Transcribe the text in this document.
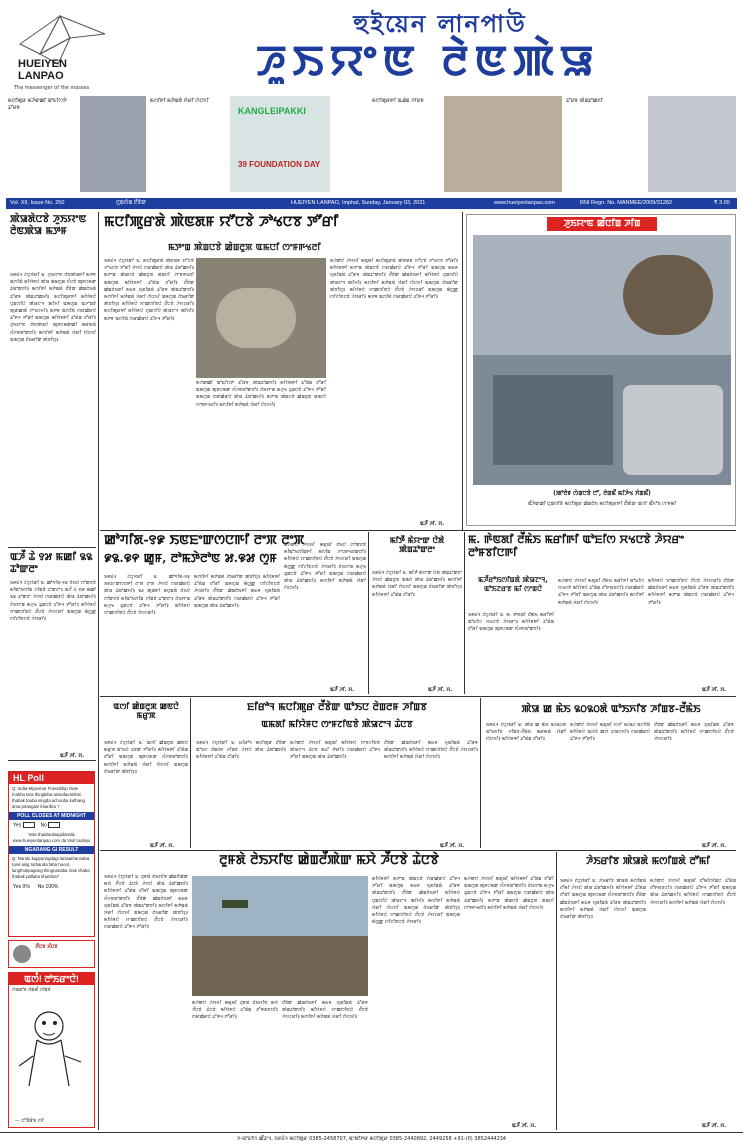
HUEIYEN LANPAO
The messenger of the masses
হুইয়েন লানপাউ
ꯍꯨꯏꯌꯦꯟ ꯂꯥꯟꯄꯥꯎ
ꯃꯅꯤꯄꯨꯔ ꯃꯍꯥꯛꯀꯤ ꯑꯣꯐꯤꯁꯇꯥ ꯊꯧꯔꯝ
ꯃꯁꯤꯒꯤ ꯃꯇꯥꯡꯗꯥ ꯋꯥꯔꯤ ꯁꯥꯅꯈꯤ
KANGLEIPAKKI
39 FOUNDATION DAY
ꯃꯅꯤꯄꯨꯔꯒꯤ ꯑꯉꯥꯡ ꯍꯤꯔꯝ	ꯊꯧꯔꯝ ꯄꯥꯡꯊꯣꯀꯈꯤ
Vol. XII, Issue No. 250	ꯅꯨꯡꯁꯥꯡ ꯂꯩꯕꯥꯛ	HUEIYEN LANPAO, Imphal, Sunday, January 03, 2021	www.hueiyenlanpao.com	RNI Regn. No. MANMEE/2009/31282	₹ 3.00
ꯄꯥꯎꯗꯥꯅꯕꯥ ꯍꯨꯏꯌꯦꯟ ꯂꯥꯟꯄꯥꯎ ꯃꯇꯝ
ꯏꯝꯐꯥꯜ ꯖꯥꯅꯨꯋꯥꯔꯤ ꯲: ꯍꯨꯏꯌꯦꯟ ꯂꯥꯟꯄꯥꯎꯒꯤ ꯃꯇꯝ ꯑꯁꯤꯗꯥ ꯃꯤꯌꯥꯝꯅꯥ ꯄꯥꯎ ꯑꯃꯁꯨꯡ ꯈꯪꯅꯕꯥ ꯄꯨꯝꯅꯃꯛ ꯊꯥꯗꯣꯛꯂꯤ꯫ ꯃꯁꯤꯒꯤ ꯃꯇꯥꯡꯗꯥ ꯂꯩꯕꯥꯛ ꯀꯥꯡꯂꯥꯏꯗꯥ ꯊꯧꯔꯝ ꯄꯥꯡꯊꯣꯀꯈꯤ꯫ ꯃꯅꯤꯄꯨꯔꯒꯤ ꯃꯤꯌꯥꯝꯅꯥ ꯅꯨꯡꯁꯤꯅꯥ ꯄꯥꯎꯖꯦꯜ ꯄꯤꯈꯤ ꯑꯃꯁꯨꯡ ꯑꯍꯣꯡꯕꯥ ꯄꯨꯔꯀꯄꯥ ꯍꯣꯠꯅꯈꯤ꯫ ꯃꯇꯝ ꯑꯁꯤꯗꯥ ꯁꯔꯀꯥꯔꯅꯥ ꯊꯧꯒꯜ ꯇꯧꯔꯤ ꯑꯃꯁꯨꯡ ꯃꯤꯌꯥꯝꯒꯤ ꯊꯧꯗꯥꯡ ꯂꯧꯔꯤ꯫ ꯍꯨꯏꯌꯦꯟ ꯂꯥꯟꯄꯥꯎꯅꯥ ꯄꯨꯝꯅꯃꯛꯀꯤ ꯃꯔꯃꯗꯥ ꯈꯪꯍꯟꯗꯣꯛꯂꯤ꯫ ꯃꯁꯤꯒꯤ ꯃꯇꯥꯡꯗꯥ ꯋꯥꯔꯤ ꯁꯥꯅꯈꯤ ꯑꯃꯁꯨꯡ ꯂꯥꯏꯔꯤꯛ ꯄꯥꯕꯤꯌꯨ꯫
ꯑꯍꯩ ꯊꯥ ꯱꯷ ꯃꯀꯤ ꯲꯲ ꯊꯣꯛꯂꯦ
ꯏꯝꯐꯥꯜ ꯖꯥꯅꯨꯋꯥꯔꯤ ꯲: ꯀꯣꯚꯤꯗ-꯱꯹ ꯂꯥꯏꯅꯥ ꯁꯣꯛꯂꯕꯥ ꯃꯤꯑꯣꯏꯁꯤꯡ ꯍꯤꯡꯕꯥ ꯊꯣꯛꯂꯦ꯫ ꯑꯍꯩ ꯊꯥ ꯱꯷ ꯃꯀꯤ ꯲꯲ ꯊꯣꯛꯂꯦ ꯍꯥꯌꯅꯥ ꯁꯔꯀꯥꯔꯅꯥ ꯄꯥꯎ ꯊꯥꯗꯣꯀꯈꯤ꯫ ꯂꯥꯏꯌꯦꯡ ꯃꯍꯨꯠ ꯊꯨꯡꯅꯕꯥ ꯊꯧꯒꯜ ꯇꯧꯔꯤ꯫ ꯃꯤꯌꯥꯝꯅꯥ ꯆꯦꯀꯁꯤꯟꯅꯥ ꯂꯩꯅꯕꯥ ꯍꯥꯌꯖꯔꯤ ꯑꯃꯁꯨꯡ ꯃꯥꯁ꯭ꯛ ꯁꯤꯖꯤꯟꯅꯕꯥ ꯍꯥꯌꯔꯤ꯫
ꯑꯍꯩ ꯍꯤ. ꯆ.
HL Poll
Q: India-Myanmar Friendship Gate makha tara thingbiba asinafaorekhni thabak touba singda achouba kuthang ama pirangani kharibra ?
POLL CLOSES AT MIDNIGHT
Yes	No
Vote thadanabagidamak www.hueiyenlanpao.com da Visit toubiyu
NGARANG GI RESULT
Q: Nandu kuppunngdagi lanlauthannaba turel asig torbanda faba hoool, langthokpagang thingnanaba mak chaba thabak palluba khanbra?
Yes 0% No 100%
ꯍꯩꯅꯕ ꯈꯪꯅꯕ
ꯑꯁꯪ! ꯂꯣꯏꯔꯦꯅꯥ!
ꯁꯥꯡꯗꯣꯝ ꯂꯥꯡꯃꯩ ꯍꯤꯡꯕꯥ
— ꯅꯧꯕꯥꯔꯥꯝ ꯁꯤ
ꯃꯅꯤꯄꯨꯔꯗꯥ ꯄꯥꯟꯗꯝ ꯌꯧꯅꯕꯥ ꯍꯣꯠꯅꯕ ꯇꯧꯔꯤ
ꯃꯇꯦꯡ ꯄꯥꯡꯅꯕꯥ ꯀꯥꯡꯂꯨꯞ ꯑꯃꯅꯤ ꯁꯦꯝꯒꯠꯂꯤ
ꯏꯝꯐꯥꯜ ꯖꯥꯅꯨꯋꯥꯔꯤ ꯲: ꯃꯅꯤꯄꯨꯔꯗꯥ ꯄꯥꯟꯗꯝ ꯌꯧꯅꯕꯥ ꯍꯣꯠꯅꯕ ꯇꯧꯔꯤ ꯍꯥꯌꯅꯥ ꯁꯔꯀꯥꯔꯅꯥ ꯄꯥꯎ ꯊꯥꯗꯣꯀꯈꯤ꯫ ꯃꯇꯦꯡ ꯄꯥꯡꯅꯕꯥ ꯀꯥꯡꯂꯨꯞ ꯑꯃꯅꯤ ꯁꯦꯝꯒꯠꯂꯤ ꯑꯃꯁꯨꯡ ꯃꯤꯌꯥꯝꯒꯤ ꯊꯧꯗꯥꯡ ꯂꯧꯔꯤ꯫ ꯂꯩꯕꯥꯛ ꯀꯥꯡꯂꯥꯏꯒꯤ ꯃꯐꯝ ꯈꯨꯗꯤꯡꯗꯥ ꯊꯧꯔꯝ ꯄꯥꯡꯊꯣꯛꯂꯤ꯫ ꯃꯁꯤꯒꯤ ꯃꯇꯥꯡꯗꯥ ꯋꯥꯔꯤ ꯁꯥꯅꯈꯤ ꯑꯃꯁꯨꯡ ꯂꯥꯏꯔꯤꯛ ꯄꯥꯕꯤꯌꯨ꯫ ꯃꯤꯌꯥꯝꯅꯥ ꯆꯦꯀꯁꯤꯟꯅꯥ ꯂꯩꯅꯕꯥ ꯍꯥꯌꯖꯔꯤ꯫ ꯃꯅꯤꯄꯨꯔꯒꯤ ꯃꯤꯌꯥꯝꯅꯥ ꯅꯨꯡꯁꯤꯅꯥ ꯄꯥꯎꯖꯦꯜ ꯄꯤꯈꯤ꯫ ꯃꯇꯝ ꯑꯁꯤꯗꯥ ꯁꯔꯀꯥꯔꯅꯥ ꯊꯧꯒꯜ ꯇꯧꯔꯤ꯫
ꯃꯍꯥꯛꯀꯤ ꯑꯣꯐꯤꯁꯇꯥ ꯊꯧꯔꯝ ꯄꯥꯡꯊꯣꯀꯈꯤ꯫ ꯃꯤꯌꯥꯝꯒꯤ ꯊꯧꯗꯥꯡ ꯂꯧꯔꯤ ꯑꯃꯁꯨꯡ ꯄꯨꯝꯅꯃꯛ ꯈꯪꯍꯟꯗꯣꯛꯂꯤ꯫ ꯂꯥꯏꯌꯦꯡ ꯃꯍꯨꯠ ꯊꯨꯡꯅꯕꯥ ꯊꯧꯒꯜ ꯇꯧꯔꯤ ꯑꯃꯁꯨꯡ ꯁꯔꯀꯥꯔꯅꯥ ꯄꯥꯎ ꯊꯥꯗꯣꯀꯈꯤ꯫ ꯃꯇꯦꯡ ꯄꯥꯡꯅꯕꯥ ꯀꯥꯡꯂꯨꯞ ꯑꯃꯅꯤ ꯁꯦꯝꯒꯠꯂꯤ꯫ ꯃꯁꯤꯒꯤ ꯃꯇꯥꯡꯗꯥ ꯋꯥꯔꯤ ꯁꯥꯅꯈꯤ꯫
ꯃꯍꯥꯛꯅꯥ ꯍꯥꯌꯈꯤ ꯃꯗꯨꯗꯤ ꯃꯅꯤꯄꯨꯔꯗꯥ ꯄꯥꯟꯗꯝ ꯌꯧꯅꯕꯥ ꯍꯣꯠꯅꯕ ꯇꯧꯔꯤ꯫ ꯃꯤꯌꯥꯝꯒꯤ ꯃꯇꯦꯡ ꯄꯥꯡꯅꯕꯥ ꯁꯔꯀꯥꯔꯅꯥ ꯊꯧꯒꯜ ꯇꯧꯔꯤ ꯑꯃꯁꯨꯡ ꯃꯐꯝ ꯈꯨꯗꯤꯡꯗꯥ ꯊꯧꯔꯝ ꯄꯥꯡꯊꯣꯛꯂꯤ꯫ ꯂꯩꯕꯥꯛ ꯀꯥꯡꯂꯥꯏꯒꯤ ꯃꯤꯌꯥꯝꯅꯥ ꯅꯨꯡꯁꯤꯅꯥ ꯄꯥꯎꯖꯦꯜ ꯄꯤꯈꯤ꯫ ꯃꯁꯤꯒꯤ ꯃꯇꯥꯡꯗꯥ ꯋꯥꯔꯤ ꯁꯥꯅꯈꯤ ꯑꯃꯁꯨꯡ ꯂꯥꯏꯔꯤꯛ ꯄꯥꯕꯤꯌꯨ꯫ ꯃꯤꯌꯥꯝꯅꯥ ꯆꯦꯀꯁꯤꯟꯅꯥ ꯂꯩꯅꯕꯥ ꯍꯥꯌꯖꯔꯤ ꯑꯃꯁꯨꯡ ꯃꯥꯁ꯭ꯛ ꯁꯤꯖꯤꯟꯅꯕꯥ ꯍꯥꯌꯔꯤ꯫ ꯃꯇꯝ ꯑꯁꯤꯗꯥ ꯁꯔꯀꯥꯔꯅꯥ ꯊꯧꯒꯜ ꯇꯧꯔꯤ꯫
ꯑꯍꯩ ꯍꯤ. ꯆ.
ꯍꯨꯏꯌꯦꯟ ꯀꯩꯅꯤꯡ ꯍꯤꯡ
(ꯄꯣꯂꯥꯝ ꯁꯥꯡꯅꯕꯥ ꯅꯧ, ꯂꯥꯡꯃꯩ ꯃꯤꯍꯥꯠ ꯈꯥꯡꯃꯩ)
ꯑꯩꯍꯥꯛꯀꯤ ꯅꯨꯡꯁꯤꯕꯥ ꯃꯅꯤꯄꯨꯔ ꯀꯥꯡꯂꯥꯏ ꯃꯅꯤꯄꯨꯔꯒꯤ ꯂꯩꯄꯥꯛ ꯑꯁꯤ ꯑꯩꯈꯣꯏ ꯁꯦꯝꯃꯤ
ꯀꯣꯚꯤꯗ-꯱꯹ ꯏꯟꯐꯦꯛꯁꯅꯒꯤ ꯂꯦꯞ ꯂꯦꯞ
꯹꯲.꯶꯵ ꯀꯨꯝ, ꯂꯣꯃꯇꯥꯂꯣꯟ ꯷.꯶꯷ ꯁꯨꯝ
ꯏꯝꯐꯥꯜ ꯖꯥꯅꯨꯋꯥꯔꯤ ꯲: ꯀꯣꯚꯤꯗ-꯱꯹ ꯏꯟꯐꯦꯛꯁꯅꯒꯤ ꯂꯦꯞ ꯂꯦꯞ ꯍꯥꯌꯅꯥ ꯁꯔꯀꯥꯔꯅꯥ ꯄꯥꯎ ꯊꯥꯗꯣꯀꯈꯤ꯫ ꯲꯴ ꯄꯨꯡꯒꯤ ꯃꯅꯨꯡꯗꯥ ꯂꯥꯏꯅꯥ ꯁꯣꯛꯂꯕꯥ ꯃꯤꯑꯣꯏꯁꯤꯡ ꯍꯤꯡꯕꯥ ꯊꯣꯛꯂꯦ꯫ ꯂꯥꯏꯌꯦꯡ ꯃꯍꯨꯠ ꯊꯨꯡꯅꯕꯥ ꯊꯧꯒꯜ ꯇꯧꯔꯤ꯫ ꯃꯤꯌꯥꯝꯅꯥ ꯆꯦꯀꯁꯤꯟꯅꯥ ꯂꯩꯅꯕꯥ ꯍꯥꯌꯖꯔꯤ꯫
ꯃꯁꯤꯒꯤ ꯃꯇꯥꯡꯗꯥ ꯂꯥꯏꯔꯤꯛ ꯄꯥꯕꯤꯌꯨ꯫ ꯃꯤꯌꯥꯝꯒꯤ ꯊꯧꯗꯥꯡ ꯂꯧꯔꯤ ꯑꯃꯁꯨꯡ ꯃꯥꯁ꯭ꯛ ꯁꯤꯖꯤꯟꯅꯕꯥ ꯍꯥꯌꯔꯤ꯫ ꯂꯩꯕꯥꯛ ꯀꯥꯡꯂꯥꯏꯒꯤ ꯃꯐꯝ ꯈꯨꯗꯤꯡꯗꯥ ꯊꯧꯔꯝ ꯄꯥꯡꯊꯣꯛꯂꯤ꯫ ꯁꯔꯀꯥꯔꯅꯥ ꯊꯧꯒꯜ ꯇꯧꯔꯤ ꯑꯃꯁꯨꯡ ꯄꯥꯎ ꯊꯥꯗꯣꯀꯈꯤ꯫
ꯃꯍꯥꯛꯅꯥ ꯍꯥꯌꯈꯤ ꯃꯗꯨꯗꯤ ꯂꯥꯏꯅꯥ ꯁꯣꯛꯂꯕꯥ ꯃꯤꯑꯣꯏꯁꯤꯡꯒꯤ ꯃꯁꯤꯡ ꯍꯦꯅꯒꯠꯂꯛꯂꯤ꯫ ꯃꯤꯌꯥꯝꯅꯥ ꯆꯦꯀꯁꯤꯟꯅꯥ ꯂꯩꯅꯕꯥ ꯍꯥꯌꯖꯔꯤ ꯑꯃꯁꯨꯡ ꯃꯥꯁ꯭ꯛ ꯁꯤꯖꯤꯟꯅꯕꯥ ꯍꯥꯌꯔꯤ꯫ ꯂꯥꯏꯌꯦꯡ ꯃꯍꯨꯠ ꯊꯨꯡꯅꯕꯥ ꯊꯧꯒꯜ ꯇꯧꯔꯤ ꯑꯃꯁꯨꯡ ꯁꯔꯀꯥꯔꯅꯥ ꯄꯥꯎ ꯊꯥꯗꯣꯀꯈꯤ꯫ ꯃꯁꯤꯒꯤ ꯃꯇꯥꯡꯗꯥ ꯋꯥꯔꯤ ꯁꯥꯅꯈꯤ꯫
ꯑꯍꯩ ꯍꯤ. ꯆ.
ꯃꯤꯇꯩ ꯃꯥꯌꯦꯛ ꯅꯥꯗꯥ ꯄꯥꯡꯊꯣꯛꯂꯦ
ꯏꯝꯐꯥꯜ ꯖꯥꯅꯨꯋꯥꯔꯤ ꯲: ꯃꯤꯇꯩ ꯃꯥꯌꯦꯛ ꯅꯥꯗꯥ ꯄꯥꯡꯊꯣꯛꯂꯦ ꯍꯥꯌꯅꯥ ꯀꯥꯡꯂꯨꯞ ꯑꯃꯅꯥ ꯄꯥꯎ ꯊꯥꯗꯣꯀꯈꯤ꯫ ꯃꯁꯤꯒꯤ ꯃꯇꯥꯡꯗꯥ ꯋꯥꯔꯤ ꯁꯥꯅꯈꯤ ꯑꯃꯁꯨꯡ ꯂꯥꯏꯔꯤꯛ ꯄꯥꯕꯤꯌꯨ꯫ ꯃꯤꯌꯥꯝꯒꯤ ꯊꯧꯗꯥꯡ ꯂꯧꯔꯤ꯫
ꯑꯍꯩ ꯍꯤ. ꯆ.
ꯃ. ꯒꯥꯟꯗꯤ ꯂꯩꯃꯥꯏ ꯃꯔꯤꯒꯤ ꯑꯣꯐꯤꯁ ꯆꯠꯅꯕꯥ ꯍꯥꯌꯔꯦ ꯂꯣꯝꯕꯤꯅꯒꯤ
ꯃꯍꯩꯔꯣꯏꯁꯤꯡꯗꯥ ꯄꯥꯎꯖꯦꯜ, ꯑꯣꯏꯖꯔꯕ ꯃꯤ ꯁꯦꯡꯅꯥ
ꯏꯝꯐꯥꯜ ꯖꯥꯅꯨꯋꯥꯔꯤ ꯲: ꯃ. ꯒꯥꯟꯗꯤ ꯂꯩꯃꯥꯏ ꯃꯔꯤꯒꯤ ꯑꯣꯐꯤꯁ ꯆꯠꯅꯕꯥ ꯍꯥꯌꯔꯦ꯫ ꯃꯤꯌꯥꯝꯒꯤ ꯊꯧꯗꯥꯡ ꯂꯧꯔꯤ ꯑꯃꯁꯨꯡ ꯄꯨꯝꯅꯃꯛ ꯈꯪꯍꯟꯗꯣꯛꯂꯤ꯫
ꯃꯍꯥꯛꯅꯥ ꯍꯥꯌꯈꯤ ꯃꯗꯨꯗꯤ ꯂꯩꯃꯥꯏ ꯃꯔꯤꯒꯤ ꯑꯣꯐꯤꯁ ꯆꯠꯅꯕꯥ ꯃꯤꯌꯥꯝꯅꯥ ꯊꯧꯗꯥꯡ ꯂꯧꯒꯗꯕꯅꯤ꯫ ꯁꯔꯀꯥꯔꯅꯥ ꯊꯧꯒꯜ ꯇꯧꯔꯤ ꯑꯃꯁꯨꯡ ꯄꯥꯎ ꯊꯥꯗꯣꯀꯈꯤ꯫ ꯃꯁꯤꯒꯤ ꯃꯇꯥꯡꯗꯥ ꯋꯥꯔꯤ ꯁꯥꯅꯈꯤ꯫
ꯃꯤꯌꯥꯝꯅꯥ ꯆꯦꯀꯁꯤꯟꯅꯥ ꯂꯩꯅꯕꯥ ꯍꯥꯌꯖꯔꯤ꯫ ꯂꯩꯕꯥꯛ ꯀꯥꯡꯂꯥꯏꯒꯤ ꯃꯐꯝ ꯈꯨꯗꯤꯡꯗꯥ ꯊꯧꯔꯝ ꯄꯥꯡꯊꯣꯛꯂꯤ꯫ ꯃꯤꯌꯥꯝꯒꯤ ꯃꯇꯦꯡ ꯄꯥꯡꯅꯕꯥ ꯁꯔꯀꯥꯔꯅꯥ ꯊꯧꯒꯜ ꯇꯧꯔꯤ꯫
ꯑꯍꯩ ꯍꯤ. ꯆ.
ꯑꯁꯤ ꯀꯥꯡꯂꯨꯞ ꯀꯟꯅꯥ ꯃꯔꯨꯞ
ꯏꯝꯐꯥꯜ ꯖꯥꯅꯨꯋꯥꯔꯤ ꯲: ꯑꯁꯤ ꯀꯥꯡꯂꯨꯞ ꯀꯟꯅꯥ ꯃꯔꯨꯞ ꯑꯣꯏꯅꯥ ꯊꯕꯛ ꯇꯧꯔꯤ꯫ ꯃꯤꯌꯥꯝꯒꯤ ꯊꯧꯗꯥꯡ ꯂꯧꯔꯤ ꯑꯃꯁꯨꯡ ꯄꯨꯝꯅꯃꯛ ꯈꯪꯍꯟꯗꯣꯛꯂꯤ꯫ ꯃꯁꯤꯒꯤ ꯃꯇꯥꯡꯗꯥ ꯋꯥꯔꯤ ꯁꯥꯅꯈꯤ ꯑꯃꯁꯨꯡ ꯂꯥꯏꯔꯤꯛ ꯄꯥꯕꯤꯌꯨ꯫
ꯑꯍꯩ ꯍꯤ. ꯆ.
ꯐꯤꯔꯣꯜ ꯃꯅꯤꯄꯨꯔ ꯂꯩꯕꯥꯛ ꯑꯣꯏꯅ ꯂꯥꯡꯂꯝ ꯍꯤꯡꯕ
ꯑꯃꯗꯤ ꯃꯤꯌꯥꯝꯅ ꯁꯦꯝꯖꯤꯟꯕꯥ ꯄꯥꯎꯖꯦꯜ ꯊꯥꯅꯕ
ꯏꯝꯐꯥꯜ ꯖꯥꯅꯨꯋꯥꯔꯤ ꯲: ꯐꯤꯔꯣꯜ ꯃꯅꯤꯄꯨꯔ ꯂꯩꯕꯥꯛ ꯑꯣꯏꯅ ꯂꯥꯡꯂꯝ ꯍꯤꯡꯕ ꯍꯥꯌꯅꯥ ꯄꯥꯎ ꯊꯥꯗꯣꯀꯈꯤ꯫ ꯃꯤꯌꯥꯝꯒꯤ ꯊꯧꯗꯥꯡ ꯂꯧꯔꯤ꯫
ꯃꯍꯥꯛꯅꯥ ꯍꯥꯌꯈꯤ ꯃꯗꯨꯗꯤ ꯃꯤꯌꯥꯝꯅꯥ ꯁꯦꯝꯖꯤꯟꯕꯥ ꯄꯥꯎꯖꯦꯜ ꯊꯥꯅꯕ ꯃꯊꯧ ꯇꯥꯔꯤ꯫ ꯁꯔꯀꯥꯔꯅꯥ ꯊꯧꯒꯜ ꯇꯧꯔꯤ ꯑꯃꯁꯨꯡ ꯄꯥꯎ ꯊꯥꯗꯣꯀꯈꯤ꯫
ꯂꯩꯕꯥꯛ ꯀꯥꯡꯂꯥꯏꯒꯤ ꯃꯐꯝ ꯈꯨꯗꯤꯡꯗꯥ ꯊꯧꯔꯝ ꯄꯥꯡꯊꯣꯛꯂꯤ꯫ ꯃꯤꯌꯥꯝꯅꯥ ꯆꯦꯀꯁꯤꯟꯅꯥ ꯂꯩꯅꯕꯥ ꯍꯥꯌꯖꯔꯤ꯫ ꯃꯁꯤꯒꯤ ꯃꯇꯥꯡꯗꯥ ꯋꯥꯔꯤ ꯁꯥꯅꯈꯤ꯫
ꯑꯍꯩ ꯍꯤ. ꯆ.
ꯄꯥꯎ ꯀ ꯃꯥꯏ ꯲꯰꯲꯰ꯗꯥ ꯑꯣꯏꯈꯤꯕ ꯍꯤꯡꯕ-ꯂꯩꯃꯥꯏ
ꯏꯝꯐꯥꯜ ꯖꯥꯅꯨꯋꯥꯔꯤ ꯲: ꯄꯥꯎ ꯀ ꯃꯥꯏ ꯲꯰꯲꯰ꯗꯥ ꯑꯣꯏꯈꯤꯕ ꯍꯤꯡꯕ-ꯂꯩꯃꯥꯏ ꯃꯔꯃꯗꯥ ꯋꯥꯔꯤ ꯁꯥꯅꯈꯤ꯫ ꯃꯤꯌꯥꯝꯒꯤ ꯊꯧꯗꯥꯡ ꯂꯧꯔꯤ꯫
ꯃꯍꯥꯛꯅꯥ ꯍꯥꯌꯈꯤ ꯃꯗꯨꯗꯤ ꯆꯍꯤ ꯲꯰꯲꯰ ꯑꯁꯤꯗꯥ ꯃꯤꯌꯥꯝꯅꯥ ꯑꯋꯥꯕꯥ ꯀꯌꯥ ꯊꯦꯡꯅꯈꯤ꯫ ꯁꯔꯀꯥꯔꯅꯥ ꯊꯧꯒꯜ ꯇꯧꯔꯤ꯫
ꯂꯩꯕꯥꯛ ꯀꯥꯡꯂꯥꯏꯒꯤ ꯃꯐꯝ ꯈꯨꯗꯤꯡꯗꯥ ꯊꯧꯔꯝ ꯄꯥꯡꯊꯣꯛꯂꯤ꯫ ꯃꯤꯌꯥꯝꯅꯥ ꯆꯦꯀꯁꯤꯟꯅꯥ ꯂꯩꯅꯕꯥ ꯍꯥꯌꯖꯔꯤ꯫
ꯑꯍꯩ ꯍꯤ. ꯆ.
ꯂꯨꯝꯗꯥ ꯂꯥꯏꯆꯤꯟ ꯀꯥꯡꯂꯩꯄꯥꯛ ꯃꯆꯥ ꯍꯩꯅꯕꯥ ꯊꯥꯅꯕꯥ
ꯏꯝꯐꯥꯜ ꯖꯥꯅꯨꯋꯥꯔꯤ ꯲: ꯂꯨꯝꯗꯥ ꯂꯥꯏꯆꯤꯟ ꯀꯥꯡꯂꯩꯄꯥꯛ ꯃꯆꯥ ꯍꯩꯅꯕꯥ ꯊꯥꯅꯕꯥ ꯍꯥꯌꯅꯥ ꯄꯥꯎ ꯊꯥꯗꯣꯀꯈꯤ꯫ ꯃꯤꯌꯥꯝꯒꯤ ꯊꯧꯗꯥꯡ ꯂꯧꯔꯤ ꯑꯃꯁꯨꯡ ꯄꯨꯝꯅꯃꯛ ꯈꯪꯍꯟꯗꯣꯛꯂꯤ꯫ ꯂꯩꯕꯥꯛ ꯀꯥꯡꯂꯥꯏꯒꯤ ꯃꯐꯝ ꯈꯨꯗꯤꯡꯗꯥ ꯊꯧꯔꯝ ꯄꯥꯡꯊꯣꯛꯂꯤ꯫ ꯃꯁꯤꯒꯤ ꯃꯇꯥꯡꯗꯥ ꯋꯥꯔꯤ ꯁꯥꯅꯈꯤ ꯑꯃꯁꯨꯡ ꯂꯥꯏꯔꯤꯛ ꯄꯥꯕꯤꯌꯨ꯫ ꯃꯤꯌꯥꯝꯅꯥ ꯆꯦꯀꯁꯤꯟꯅꯥ ꯂꯩꯅꯕꯥ ꯍꯥꯌꯖꯔꯤ꯫ ꯁꯔꯀꯥꯔꯅꯥ ꯊꯧꯒꯜ ꯇꯧꯔꯤ꯫
ꯃꯍꯥꯛꯅꯥ ꯍꯥꯌꯈꯤ ꯃꯗꯨꯗꯤ ꯂꯨꯝꯗꯥ ꯂꯥꯏꯆꯤꯟ ꯃꯆꯥ ꯍꯩꯅꯕꯥ ꯊꯥꯅꯕꯥ ꯃꯤꯌꯥꯝꯅꯥ ꯊꯧꯗꯥꯡ ꯂꯧꯒꯗꯕꯅꯤ꯫ ꯁꯔꯀꯥꯔꯅꯥ ꯊꯧꯒꯜ ꯇꯧꯔꯤ꯫
ꯂꯩꯕꯥꯛ ꯀꯥꯡꯂꯥꯏꯒꯤ ꯃꯐꯝ ꯈꯨꯗꯤꯡꯗꯥ ꯊꯧꯔꯝ ꯄꯥꯡꯊꯣꯛꯂꯤ꯫ ꯃꯤꯌꯥꯝꯅꯥ ꯆꯦꯀꯁꯤꯟꯅꯥ ꯂꯩꯅꯕꯥ ꯍꯥꯌꯖꯔꯤ꯫ ꯃꯁꯤꯒꯤ ꯃꯇꯥꯡꯗꯥ ꯋꯥꯔꯤ ꯁꯥꯅꯈꯤ꯫
ꯃꯤꯌꯥꯝꯒꯤ ꯃꯇꯦꯡ ꯄꯥꯡꯅꯕꯥ ꯁꯔꯀꯥꯔꯅꯥ ꯊꯧꯒꯜ ꯇꯧꯔꯤ ꯑꯃꯁꯨꯡ ꯃꯐꯝ ꯈꯨꯗꯤꯡꯗꯥ ꯊꯧꯔꯝ ꯄꯥꯡꯊꯣꯛꯂꯤ꯫ ꯂꯩꯕꯥꯛ ꯀꯥꯡꯂꯥꯏꯒꯤ ꯃꯤꯌꯥꯝꯅꯥ ꯅꯨꯡꯁꯤꯅꯥ ꯄꯥꯎꯖꯦꯜ ꯄꯤꯈꯤ꯫ ꯃꯁꯤꯒꯤ ꯃꯇꯥꯡꯗꯥ ꯋꯥꯔꯤ ꯁꯥꯅꯈꯤ ꯑꯃꯁꯨꯡ ꯂꯥꯏꯔꯤꯛ ꯄꯥꯕꯤꯌꯨ꯫ ꯃꯤꯌꯥꯝꯅꯥ ꯆꯦꯀꯁꯤꯟꯅꯥ ꯂꯩꯅꯕꯥ ꯍꯥꯌꯖꯔꯤ ꯑꯃꯁꯨꯡ ꯃꯥꯁ꯭ꯛ ꯁꯤꯖꯤꯟꯅꯕꯥ ꯍꯥꯌꯔꯤ꯫
ꯃꯍꯥꯛꯅꯥ ꯍꯥꯌꯈꯤ ꯃꯗꯨꯗꯤ ꯃꯤꯌꯥꯝꯒꯤ ꯊꯧꯗꯥꯡ ꯂꯧꯔꯤ ꯑꯃꯁꯨꯡ ꯄꯨꯝꯅꯃꯛ ꯈꯪꯍꯟꯗꯣꯛꯂꯤ꯫ ꯂꯥꯏꯌꯦꯡ ꯃꯍꯨꯠ ꯊꯨꯡꯅꯕꯥ ꯊꯧꯒꯜ ꯇꯧꯔꯤ ꯑꯃꯁꯨꯡ ꯁꯔꯀꯥꯔꯅꯥ ꯄꯥꯎ ꯊꯥꯗꯣꯀꯈꯤ꯫ ꯃꯇꯦꯡ ꯄꯥꯡꯅꯕꯥ ꯀꯥꯡꯂꯨꯞ ꯑꯃꯅꯤ ꯁꯦꯝꯒꯠꯂꯤ꯫ ꯃꯁꯤꯒꯤ ꯃꯇꯥꯡꯗꯥ ꯋꯥꯔꯤ ꯁꯥꯅꯈꯤ꯫
ꯑꯍꯩ ꯍꯤ. ꯆ.
ꯍꯥꯏꯔꯤꯕ ꯄꯥꯎꯗꯥ ꯃꯁꯤꯡꯗꯥ ꯂꯧꯃꯤ
ꯏꯝꯐꯥꯜ ꯖꯥꯅꯨꯋꯥꯔꯤ ꯲: ꯍꯥꯏꯔꯤꯕ ꯄꯥꯎꯗꯥ ꯃꯁꯤꯡꯗꯥ ꯂꯧꯃꯤ ꯍꯥꯌꯅꯥ ꯄꯥꯎ ꯊꯥꯗꯣꯀꯈꯤ꯫ ꯃꯤꯌꯥꯝꯒꯤ ꯊꯧꯗꯥꯡ ꯂꯧꯔꯤ ꯑꯃꯁꯨꯡ ꯄꯨꯝꯅꯃꯛ ꯈꯪꯍꯟꯗꯣꯛꯂꯤ꯫ ꯂꯩꯕꯥꯛ ꯀꯥꯡꯂꯥꯏꯒꯤ ꯃꯐꯝ ꯈꯨꯗꯤꯡꯗꯥ ꯊꯧꯔꯝ ꯄꯥꯡꯊꯣꯛꯂꯤ꯫ ꯃꯁꯤꯒꯤ ꯃꯇꯥꯡꯗꯥ ꯋꯥꯔꯤ ꯁꯥꯅꯈꯤ ꯑꯃꯁꯨꯡ ꯂꯥꯏꯔꯤꯛ ꯄꯥꯕꯤꯌꯨ꯫
ꯃꯍꯥꯛꯅꯥ ꯍꯥꯌꯈꯤ ꯃꯗꯨꯗꯤ ꯂꯧꯃꯤꯁꯤꯡꯅꯥ ꯊꯧꯗꯥꯡ ꯂꯧꯒꯗꯕꯅꯤ꯫ ꯁꯔꯀꯥꯔꯅꯥ ꯊꯧꯒꯜ ꯇꯧꯔꯤ ꯑꯃꯁꯨꯡ ꯄꯥꯎ ꯊꯥꯗꯣꯀꯈꯤ꯫ ꯃꯤꯌꯥꯝꯅꯥ ꯆꯦꯀꯁꯤꯟꯅꯥ ꯂꯩꯅꯕꯥ ꯍꯥꯌꯖꯔꯤ꯫ ꯃꯁꯤꯒꯤ ꯃꯇꯥꯡꯗꯥ ꯋꯥꯔꯤ ꯁꯥꯅꯈꯤ꯫
ꯑꯍꯩ ꯍꯤ. ꯆ.
ꯍ-ꯑꯣꯐꯤꯁ ꯀꯩꯊꯦꯜ, ꯏꯝꯐꯥꯜ ꯃꯅꯤꯄꯨꯔ 0385-2458707, ꯑꯦꯗꯤꯇꯔ ꯃꯅꯤꯄꯨꯔ 0385-2440892, 2449258 +91-(0) 3852444234
